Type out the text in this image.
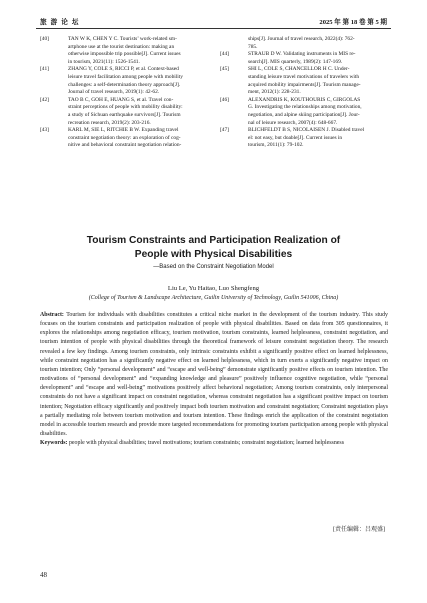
旅 游 论 坛	2025 年 第 18 卷 第 5 期
[40]	TAN W K, CHEN Y C. Tourists’ work-related sm-
artphone use at the tourist destination: making an
otherwise impossible trip possible[J]. Current issues
in tourism, 2021(11): 1526-1541.
[41]	ZHANG Y, COLE S, RICCI P, et al. Context-based
leisure travel facilitation among people with mobility
challenges: a self-determination theory approach[J].
Journal of travel research, 2019(1): 42-62.
[42]	TAO B C, GOH E, HUANG S, et al. Travel con-
straint perceptions of people with mobility disability:
a study of Sichuan earthquake survivors[J]. Tourism
recreation research, 2019(2): 203-216.
[43]	KARL M, SIE L, RITCHIE B W. Expanding travel
constraint negotiation theory: an exploration of cog-
nitive and behavioral constraint negotiation relation-
ships[J]. Journal of travel research, 2022(4): 762-
785.
[44]	STRAUB D W. Validating instruments in MIS re-
search[J]. MIS quarterly, 1989(2): 147-169.
[45]	SHI L, COLE S, CHANCELLOR H C. Under-
standing leisure travel motivations of travelers with
acquired mobility impairments[J]. Tourism manage-
ment, 2012(1): 228-231.
[46]	ALEXANDRIS K, KOUTHOURIS C, GIRGOLAS
G. Investigating the relationships among motivation,
negotiation, and alpine skiing participation[J]. Jour-
nal of leisure research, 2007(4): 648-667.
[47]	BLICHFELDT B S, NICOLAISEN J. Disabled travel
el: not easy, but doable[J]. Current issues in
tourism, 2011(1): 79-102.
Tourism Constraints and Participation Realization of
People with Physical Disabilities
—Based on the Constraint Negotiation Model
Liu Le, Yu Haitao, Luo Shengfeng
(College of Tourism & Landscape Architecture, Guilin University of Technology, Guilin 541006, China)

Abstract: Tourism for individuals with disabilities constitutes a critical niche market in the development of the tourism industry. This study focuses on the tourism constraints and participation realization of people with physical disabilities. Based on data from 305 questionnaires, it explores the relationships among negotiation efficacy, tourism motivation, tourism constraints, learned helplessness, constraint negotiation, and tourism intention of people with physical disabilities through the theoretical framework of leisure constraint negotiation theory. The research revealed a few key findings. Among tourism constraints, only intrinsic constraints exhibit a significantly positive effect on learned helplessness, while constraint negotiation has a significantly negative effect on learned helplessness, which in turn exerts a significantly negative impact on tourism intention; Only “personal development” and “escape and well-being” demonstrate significantly positive effects on tourism intention. The motivations of “personal development” and “expanding knowledge and pleasure” positively influence cognitive negotiation, while “personal development” and “escape and well-being” motivations positively affect behavioral negotiation; Among tourism constraints, only interpersonal constraints do not have a significant impact on constraint negotiation, whereas constraint negotiation has a significant positive impact on tourism intention; Negotiation efficacy significantly and positively impact both tourism motivation and constraint negotiation; Constraint negotiation plays a partially mediating role between tourism motivation and tourism intention. These findings enrich the application of the constraint negotiation model in accessible tourism research and provide more targeted recommendations for promoting tourism participation among people with physical disabilities.

Keywords: people with physical disabilities; travel motivations; tourism constraints; constraint negotiation; learned helplessness

[责任编辑：吕观盛]
48
